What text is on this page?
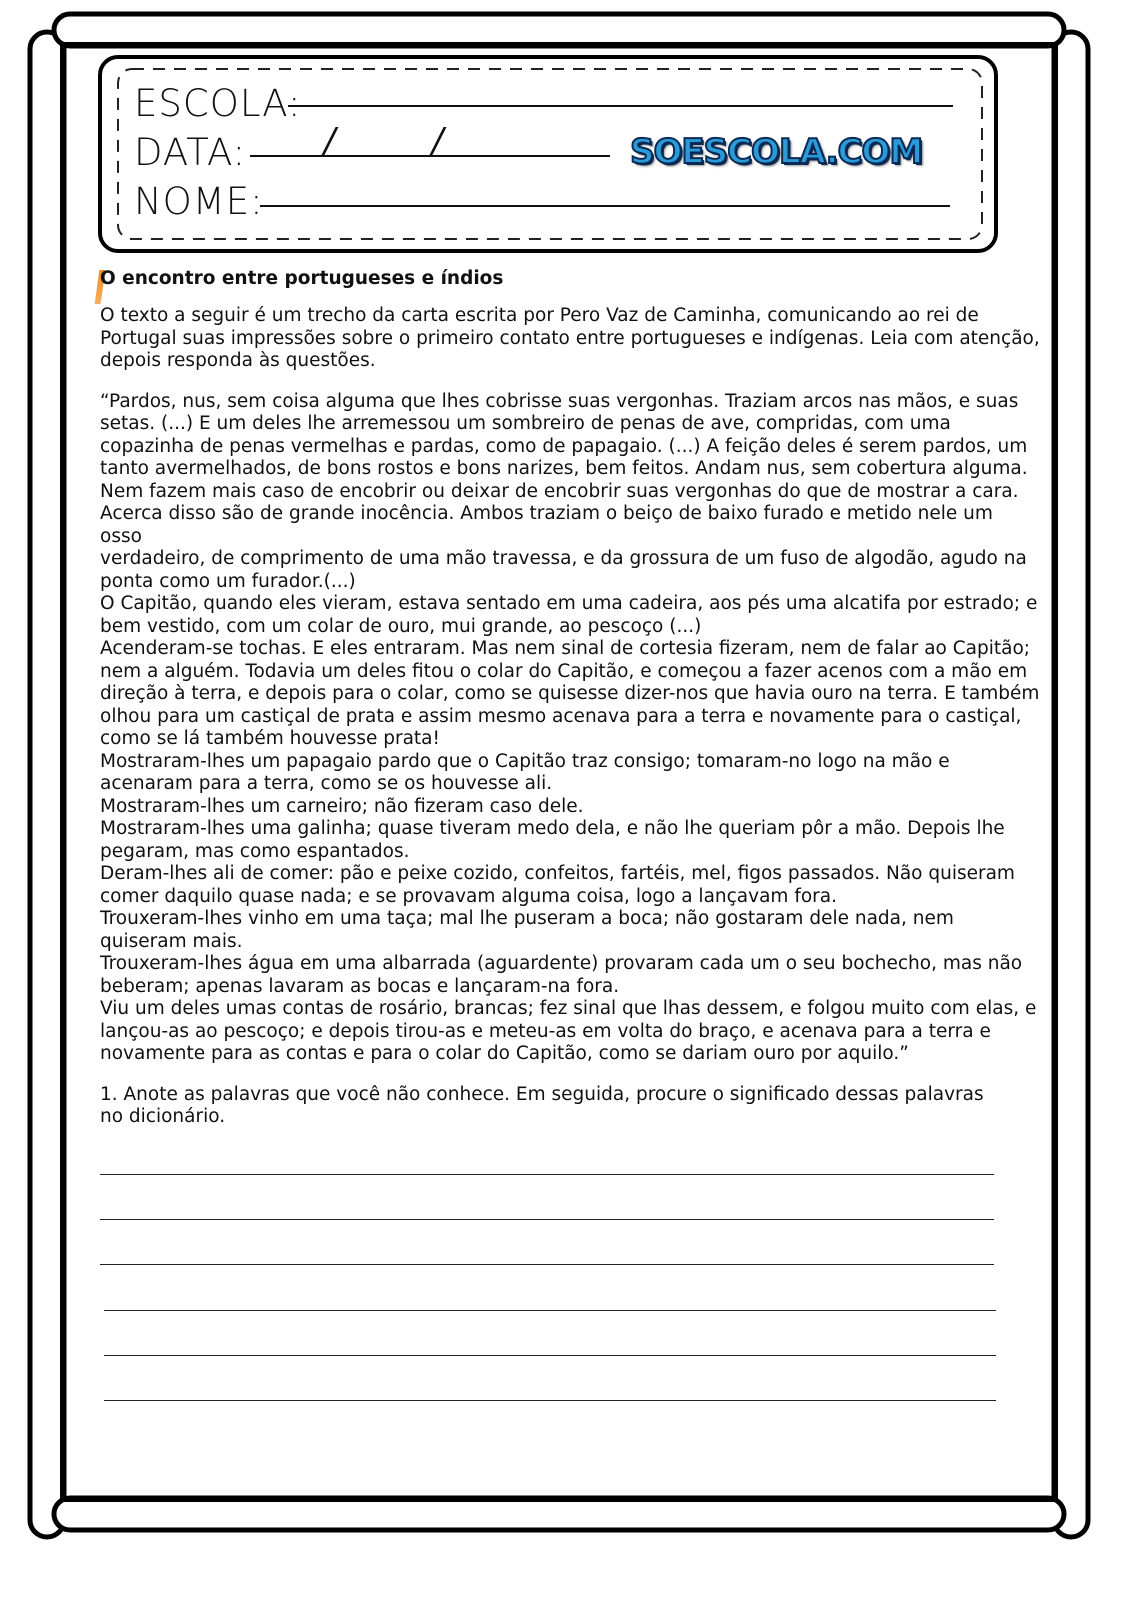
ESCOLA:
DATA: /	/
NOME:
SOESCOLA.COM
O encontro entre portugueses e índios
O texto a seguir é um trecho da carta escrita por Pero Vaz de Caminha, comunicando ao rei de
Portugal suas impressões sobre o primeiro contato entre portugueses e indígenas. Leia com atenção,
depois responda às questões.

“Pardos, nus, sem coisa alguma que lhes cobrisse suas vergonhas. Traziam arcos nas mãos, e suas
setas. (...) E um deles lhe arremessou um sombreiro de penas de ave, compridas, com uma
copazinha de penas vermelhas e pardas, como de papagaio. (...) A feição deles é serem pardos, um
tanto avermelhados, de bons rostos e bons narizes, bem feitos. Andam nus, sem cobertura alguma.
Nem fazem mais caso de encobrir ou deixar de encobrir suas vergonhas do que de mostrar a cara.
Acerca disso são de grande inocência. Ambos traziam o beiço de baixo furado e metido nele um osso
verdadeiro, de comprimento de uma mão travessa, e da grossura de um fuso de algodão, agudo na
ponta como um furador.(...)

O Capitão, quando eles vieram, estava sentado em uma cadeira, aos pés uma alcatifa por estrado; e
bem vestido, com um colar de ouro, mui grande, ao pescoço (...)

Acenderam-se tochas. E eles entraram. Mas nem sinal de cortesia fizeram, nem de falar ao Capitão;
nem a alguém. Todavia um deles fitou o colar do Capitão, e começou a fazer acenos com a mão em
direção à terra, e depois para o colar, como se quisesse dizer-nos que havia ouro na terra. E também
olhou para um castiçal de prata e assim mesmo acenava para a terra e novamente para o castiçal,
como se lá também houvesse prata!

Mostraram-lhes um papagaio pardo que o Capitão traz consigo; tomaram-no logo na mão e
acenaram para a terra, como se os houvesse ali.

Mostraram-lhes um carneiro; não fizeram caso dele.

Mostraram-lhes uma galinha; quase tiveram medo dela, e não lhe queriam pôr a mão. Depois lhe
pegaram, mas como espantados.

Deram-lhes ali de comer: pão e peixe cozido, confeitos, fartéis, mel, figos passados. Não quiseram
comer daquilo quase nada; e se provavam alguma coisa, logo a lançavam fora.

Trouxeram-lhes vinho em uma taça; mal lhe puseram a boca; não gostaram dele nada, nem
quiseram mais.

Trouxeram-lhes água em uma albarrada (aguardente) provaram cada um o seu bochecho, mas não
beberam; apenas lavaram as bocas e lançaram-na fora.

Viu um deles umas contas de rosário, brancas; fez sinal que lhas dessem, e folgou muito com elas, e
lançou-as ao pescoço; e depois tirou-as e meteu-as em volta do braço, e acenava para a terra e
novamente para as contas e para o colar do Capitão, como se dariam ouro por aquilo.”

1. Anote as palavras que você não conhece. Em seguida, procure o significado dessas palavras
no dicionário.
